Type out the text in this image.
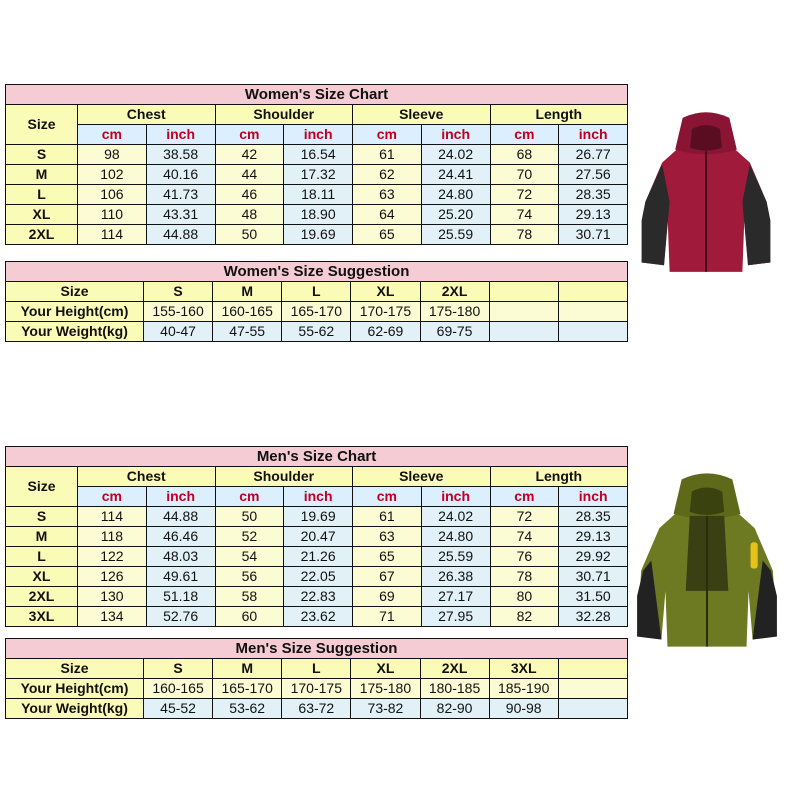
Women's Size Chart								
Size	Chest		Shoulder		Sleeve		Length	
	cm	inch	cm	inch	cm	inch	cm	inch
S	98	38.58	42	16.54	61	24.02	68	26.77
M	102	40.16	44	17.32	62	24.41	70	27.56
L	106	41.73	46	18.11	63	24.80	72	28.35
XL	110	43.31	48	18.90	64	25.20	74	29.13
2XL	114	44.88	50	19.69	65	25.59	78	30.71
Women's Size Suggestion							
Size	S	M	L	XL	2XL		
Your Height(cm)	155-160	160-165	165-170	170-175	175-180		
Your Weight(kg)	40-47	47-55	55-62	62-69	69-75		
Men's Size Chart								
Size	Chest		Shoulder		Sleeve		Length	
	cm	inch	cm	inch	cm	inch	cm	inch
S	114	44.88	50	19.69	61	24.02	72	28.35
M	118	46.46	52	20.47	63	24.80	74	29.13
L	122	48.03	54	21.26	65	25.59	76	29.92
XL	126	49.61	56	22.05	67	26.38	78	30.71
2XL	130	51.18	58	22.83	69	27.17	80	31.50
3XL	134	52.76	60	23.62	71	27.95	82	32.28
Men's Size Suggestion							
Size	S	M	L	XL	2XL	3XL	
Your Height(cm)	160-165	165-170	170-175	175-180	180-185	185-190	
Your Weight(kg)	45-52	53-62	63-72	73-82	82-90	90-98	
